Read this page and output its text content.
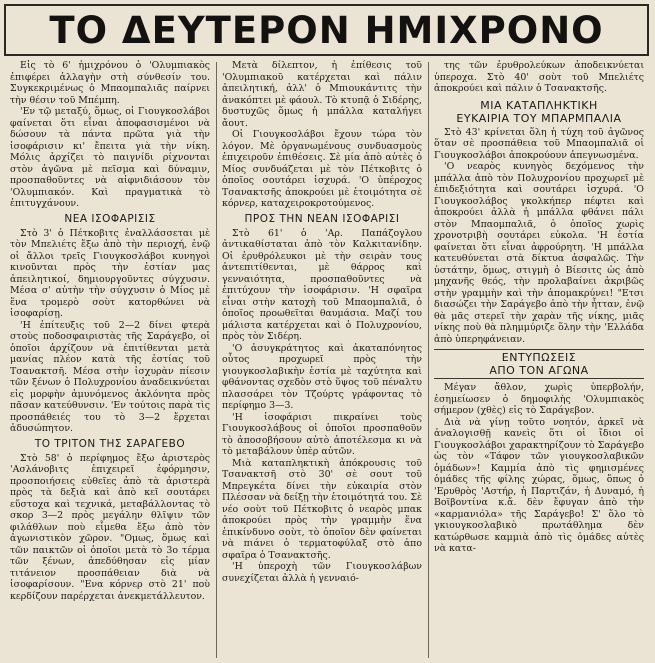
ΤΟ ΔΕΥΤΕΡΟΝ ΗΜΙΧΡΟΝΟ

Εἰς τὸ 6' ἡμιχρόνου ὁ 'Ολυμπιακὸς ἐπιφέρει ἀλλαγὴν στὴ σύνθεσίν του. Συγκεκριμένως ὁ Μπαομπαλιᾶς παίρνει τὴν θέσιν τοῦ Μπέμπη.

'Εν τῷ μεταξύ, ὅμως, οἱ Γιουγκοσλάβοι φαίνεται ὅτι εἶναι ἀποφασισμένοι νὰ δώσουν τὰ πάντα πρῶτα γιὰ τὴν ἰσοφάρισιν κι' ἔπειτα γιὰ τὴν νίκη. Μόλις ἀρχίζει τὸ παιγνίδι ρίχνονται στὸν ἀγῶνα μὲ πεῖσμα καὶ δύναμιν, προσπαθοῦντες νὰ αἰφνιδιάσουν τὸν 'Ολυμπιακόν. Καὶ πραγματικὰ τὸ ἐπιτυγχάνουν.

ΝΕΑ ΙΣΟΦΑΡΙΣΙΣ

Στὸ 3' ὁ Πέτκοβιτς ἐναλλάσσεται μὲ τὸν Μπελιέτς ἔξω ἀπὸ τὴν περιοχή, ἐνῷ οἱ ἄλλοι τρεῖς Γιουγκοσλάβοι κυνηγοὶ κινοῦνται πρὸς τὴν ἑστίαν μας ἀπειλητικοί, δημιουργοῦντες σύγχυσιν. Μέσα σ' αὐτὴν τὴν σύγχυσιν ὁ Μίος μὲ ἕνα τρομερὸ σοὺτ κατορθώνει νὰ ἰσοφαρίσῃ.

'Η ἐπίτευξις τοῦ 2—2 δίνει φτερὰ στοὺς ποδοσφαιριστὰς τῆς Σαράγεβο, οἱ ὁποῖοι ἀρχίζουν νὰ ἐπιτίθενται μετὰ μανίας πλέον κατὰ τῆς ἑστίας τοῦ Τσανακτσῆ. Μέσα στὴν ἰσχυρὰν πίεσιν τῶν ξένων ὁ Πολυχρονίου ἀναδεικνύεται εἰς μορφὴν ἀμυνόμενος ἀκλόνητα πρὸς πᾶσαν κατεύθυνσιν. 'Εν τούτοις παρὰ τὶς προσπάθειές του τὸ 3—2 ἔρχεται ἀδυσώπητον.

ΤΟ ΤΡΙΤΟΝ ΤΗΣ ΣΑΡΑΓΕΒΟ

Στὸ 58' ὁ περίφημος ἔξω ἀριστερὸς 'Ασλάνοβιτς ἐπιχειρεῖ ἐφόρμησιν, προσποιήσεις εὐθεῖες ἀπὸ τὰ ἀριστερὰ πρὸς τὰ δεξιὰ καὶ ἀπὸ κεῖ σουτάρει εὔστοχα καὶ τεχνικά, μεταβάλλοντας τὸ σκορ 3—2 πρὸς μεγάλην θλῖψιν τῶν φιλάθλων ποὺ εἶμεθα ἔξω ἀπὸ τὸν ἀγωνιστικὸν χῶρον. "Ομως, ὅμως καὶ τῶν παικτῶν οἱ ὁποῖοι μετὰ τὸ 3ο τέρμα τῶν ξένων, ἀπεδύθησαν εἰς μίαν τιτάνειον προσπάθειαν διὰ νὰ ἰσοφαρίσουν. "Ενα κόρνερ στὸ 21' ποὺ κερδίζουν παρέρχεται ἀνεκμετάλλευτον.

Μετὰ δίλεπτον, ἡ ἐπίθεσις τοῦ 'Ολυμπιακοῦ κατέρχεται καὶ πάλιν ἀπειλητική, ἀλλ' ὁ Μπιουκάντιτς τὴν ἀνακόπτει μὲ φάουλ. Τὸ κτυπᾷ ὁ Σιδέρης, δυστυχῶς ὅμως ἡ μπάλλα καταλήγει ἄουτ.

Οἱ Γιουγκοσλάβοι ἔχουν τώρα τὸν λόγον. Μὲ ὀργανωμένους συνδυασμοὺς ἐπιχειροῦν ἐπιθέσεις. Σὲ μία ἀπὸ αὐτὲς ὁ Μίος συνδυάζεται μὲ τὸν Πέτκοβιτς ὁ ὁποῖος σουτάρει ἰσχυρά. 'Ο ὑπέροχος Τσανακτσῆς ἀποκρούει μὲ ἑτοιμότητα σὲ κόρνερ, καταχειροκροτούμενος.

ΠΡΟΣ ΤΗΝ ΝΕΑΝ ΙΣΟΦΑΡΙΣΙ

Στὸ 61' ὁ 'Αρ. Παπάζογλου ἀντικαθίσταται ἀπὸ τὸν Καλκιτανίδην. Οἱ ἐρυθρόλευκοι μὲ τὴν σειρὰν τους ἀντεπιτίθενται, μὲ θάρρος καὶ γενναιότητα, προσπαθοῦντες νὰ ἐπιτύχουν τὴν ἰσοφάρισιν. 'Η σφαῖρα εἶναι στὴν κατοχὴ τοῦ Μπαομπαλιᾶ, ὁ ὁποῖος προωθεῖται θαυμάσια. Μαζί του μάλιστα κατέρχεται καὶ ὁ Πολυχρονίου, πρὸς τὸν Σιδέρη.

'Ο ἀσυγκράτητος καὶ ἀκαταπόνητος οὗτος προχωρεῖ πρὸς τὴν γιουγκοσλαβικὴν ἑστία μὲ ταχύτητα καὶ φθάνοντας σχεδὸν στὸ ὕψος τοῦ πέναλτυ πλασσάρει τὸν Τζούρτς γράφοντας τὸ περίφημο 3—3.

'Η ἰσοφάρισι πικραίνει τοὺς Γιουγκοσλάβους οἱ ὁποῖοι προσπαθοῦν τὸ ἀποσοβήσουν αὐτὸ ἀποτέλεσμα κι νὰ τὸ μεταβάλουν ὑπὲρ αὐτῶν.

Μιὰ καταπληκτικὴ ἀπόκρουσις τοῦ Τσανακτσῆ στὸ 30' σὲ σουτ τοῦ Μπρεγκέτα δίνει τὴν εὐκαιρία στὸν Πλέσσαν νὰ δείξῃ τὴν ἑτοιμότητά του. Σὲ νέο σοὺτ τοῦ Πέτκοβιτς ὁ νεαρὸς μπακ ἀποκρούει πρὸς τὴν γραμμὴν ἕνα ἐπικίνδυνο σοὺτ, τὸ ὁποῖον δὲν φαίνεται νὰ πιάνει ὁ τερματοφύλαξ στὸ ἀπο σφαῖρα ὁ Τσανακτσῆς.

'Η ὑπεροχὴ τῶν Γιουγκοσλάβων συνεχίζεται ἀλλὰ ἡ γενναιό-

της τῶν ἐρυθρολεύκων ἀποδεικνύεται ὑπεροχα. Στὸ 40' σοὺτ τοῦ Μπελιέτς ἀποκρούει καὶ πάλιν ὁ Τσανακτσῆς.

ΜΙΑ ΚΑΤΑΠΛΗΚΤΙΚΗ
ΕΥΚΑΙΡΙΑ ΤΟΥ ΜΠΑΡΜΠΑΛΙΑ

Στὸ 43' κρίνεται ὅλη ἡ τύχη τοῦ ἀγῶνος ὅταν σὲ προσπάθεια τοῦ Μπαομπαλιᾶ οἱ Γιουγκοσλάβοι ἀποκρούουν ἀπεγνωσμένα.

'Ο νεαρὸς κυνηγὸς δεχόμενος τὴν μπάλλα ἀπὸ τὸν Πολυχρονίου προχωρεῖ μὲ ἐπιδεξιότητα καὶ σουτάρει ἰσχυρά. 'Ο Γιουγκοσλάβος γκολκήπερ πέφτει καὶ ἀποκρούει ἀλλὰ ἡ μπάλλα φθάνει πάλι στὸν Μπαομπαλιᾶ, ὁ ὁποῖος χωρὶς χρονοτριβὴ σουτάρει εὐκολα. 'Η ἑστία φαίνεται ὅτι εἶναι ἀφρούρητη. 'Η μπάλλα κατευθύνεται στὰ δίκτυα ἀσφαλῶς. Τὴν ὑστάτην, ὅμως, στιγμὴ ὁ Βίεσιτς ὡς ἀπὸ μηχανῆς θεός, τὴν προλαβαίνει ἀκριβῶς στὴν γραμμὴν καὶ τὴν ἀπομακρύνει! "Ετσι διασώζει τὴν Σαράγεβο ἀπὸ τὴν ἧτταν, ἐνῷ θὰ μᾶς στερεῖ τὴν χαρὰν τῆς νίκης, μιᾶς νίκης ποὺ θὰ πλημμύριζε ὅλην τὴν 'Ελλάδα ἀπὸ ὑπερηφάνειαν.

ΕΝΤΥΠΩΣΕΙΣ
ΑΠΟ ΤΟΝ ΑΓΩΝΑ

Μέγαν ἄθλον, χωρὶς ὑπερβολήν, ἐσημείωσεν ὁ δημοφιλὴς 'Ολυμπιακὸς σήμερον (χθὲς) εἰς τὸ Σαράγεβον.

Διὰ νὰ γίνῃ τοῦτο νοητόν, ἀρκεῖ νὰ ἀναλογισθῇ κανεὶς ὅτι οἱ ἴδιοι οἱ Γιουγκοσλάβοι χαρακτηρίζουν τὸ Σαράγεβο ὡς τὸν «Τάφον τῶν γιουγκοσλαβικῶν ὁμάδων»! Καμμία ἀπὸ τὶς φημισμένες ὁμάδες τῆς φίλης χώρας, ὅμως, ὅπως ὁ 'Ερυθρὸς 'Αστήρ, ἡ Παρτιζάν, ἡ Δυναμό, ἡ Βοϊβοντίνα κ.ἄ. δὲν ἔφυγαν ἀπὸ τὴν «καρμανιόλα» τῆς Σαράγεβο! Σ' ὅλο τὸ γκιουγκοσλαβικὸ πρωτάθλημα δὲν κατώρθωσε καμμιὰ ἀπὸ τὶς ὁμάδες αὐτὲς νὰ κατα-
